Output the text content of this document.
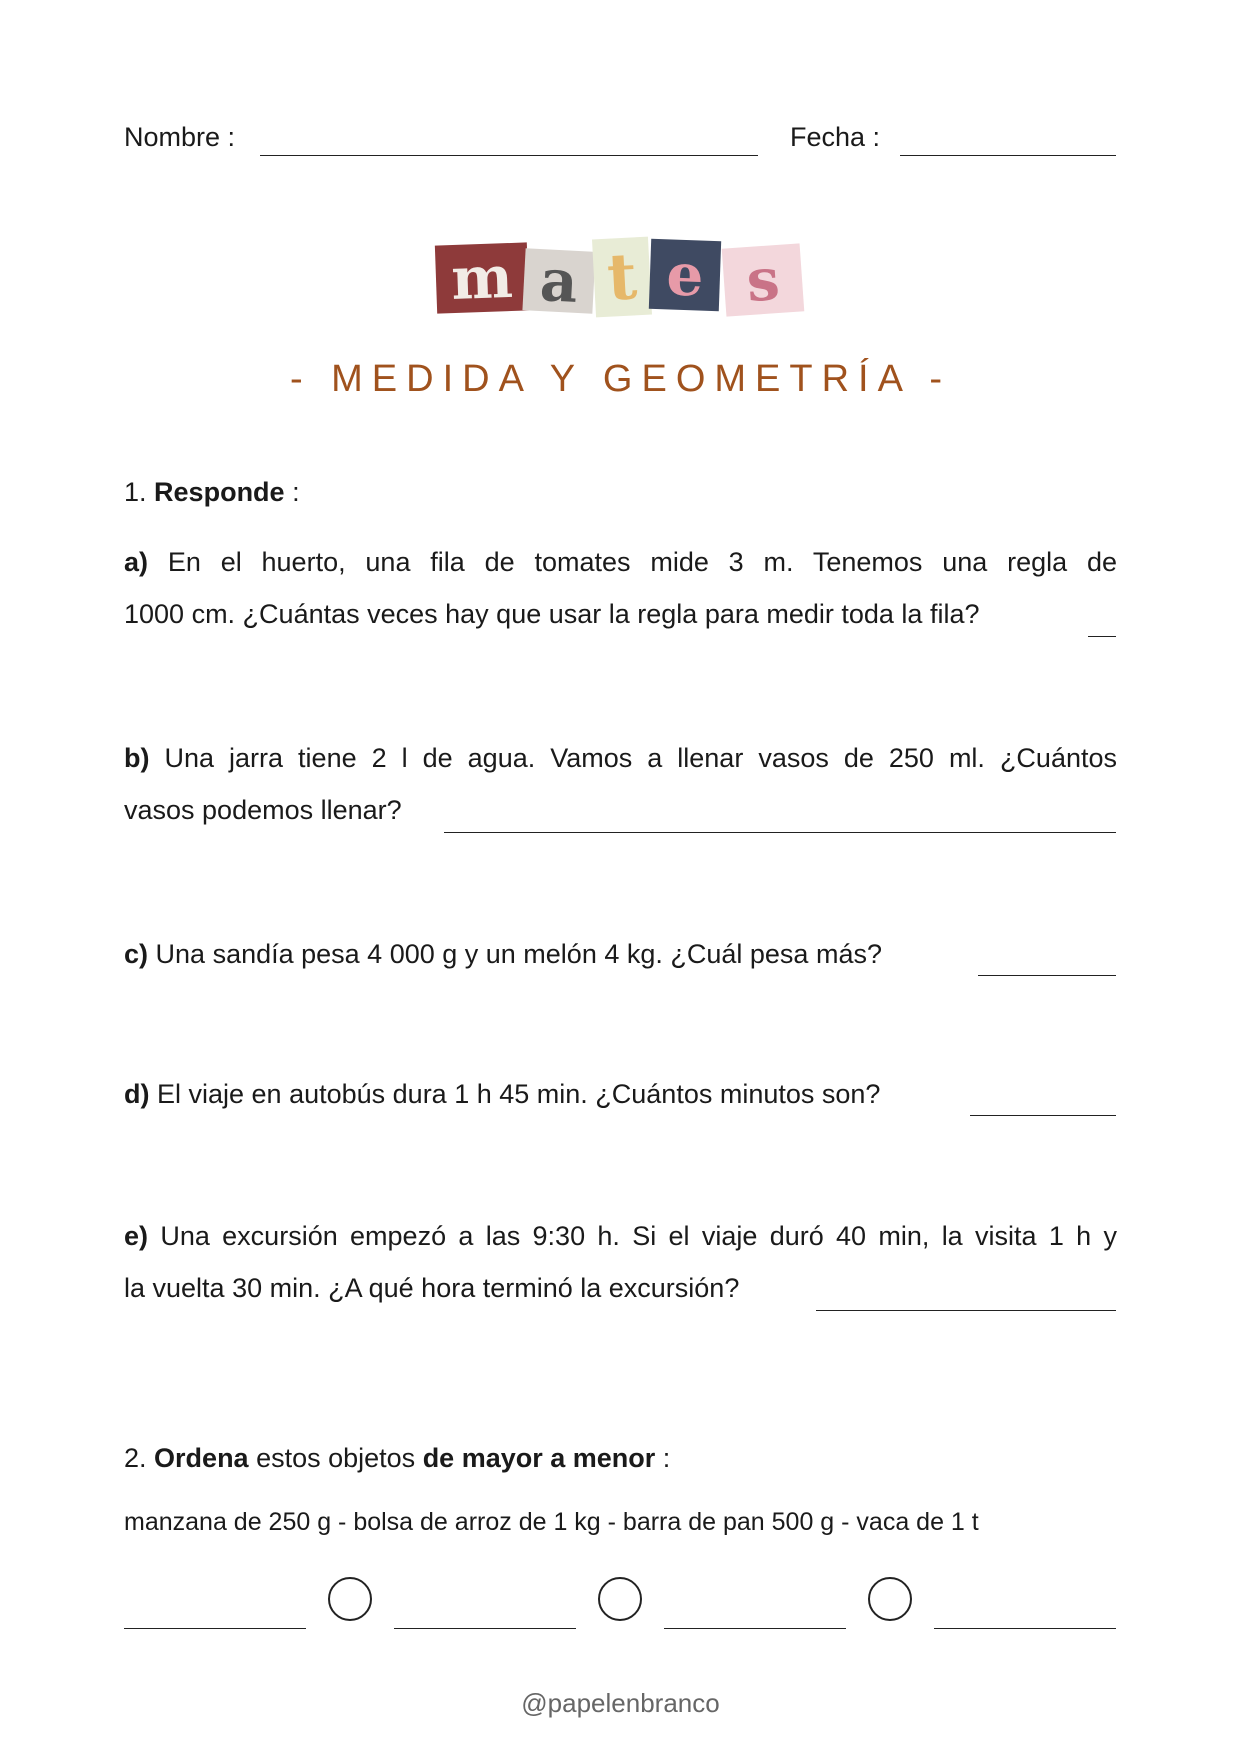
Nombre :	Fecha :
m a t e s
- MEDIDA Y GEOMETRÍA -
1. Responde :
a) En el huerto, una fila de tomates mide 3 m. Tenemos una regla de
1000 cm. ¿Cuántas veces hay que usar la regla para medir toda la fila?
b) Una jarra tiene 2 l de agua. Vamos a llenar vasos de 250 ml. ¿Cuántos
vasos podemos llenar?
c) Una sandía pesa 4 000 g y un melón 4 kg. ¿Cuál pesa más?
d) El viaje en autobús dura 1 h 45 min. ¿Cuántos minutos son?
e) Una excursión empezó a las 9:30 h. Si el viaje duró 40 min, la visita 1 h y
la vuelta 30 min. ¿A qué hora terminó la excursión?
2. Ordena estos objetos de mayor a menor :
manzana de 250 g - bolsa de arroz de 1 kg - barra de pan 500 g - vaca de 1 t
@papelenbranco
